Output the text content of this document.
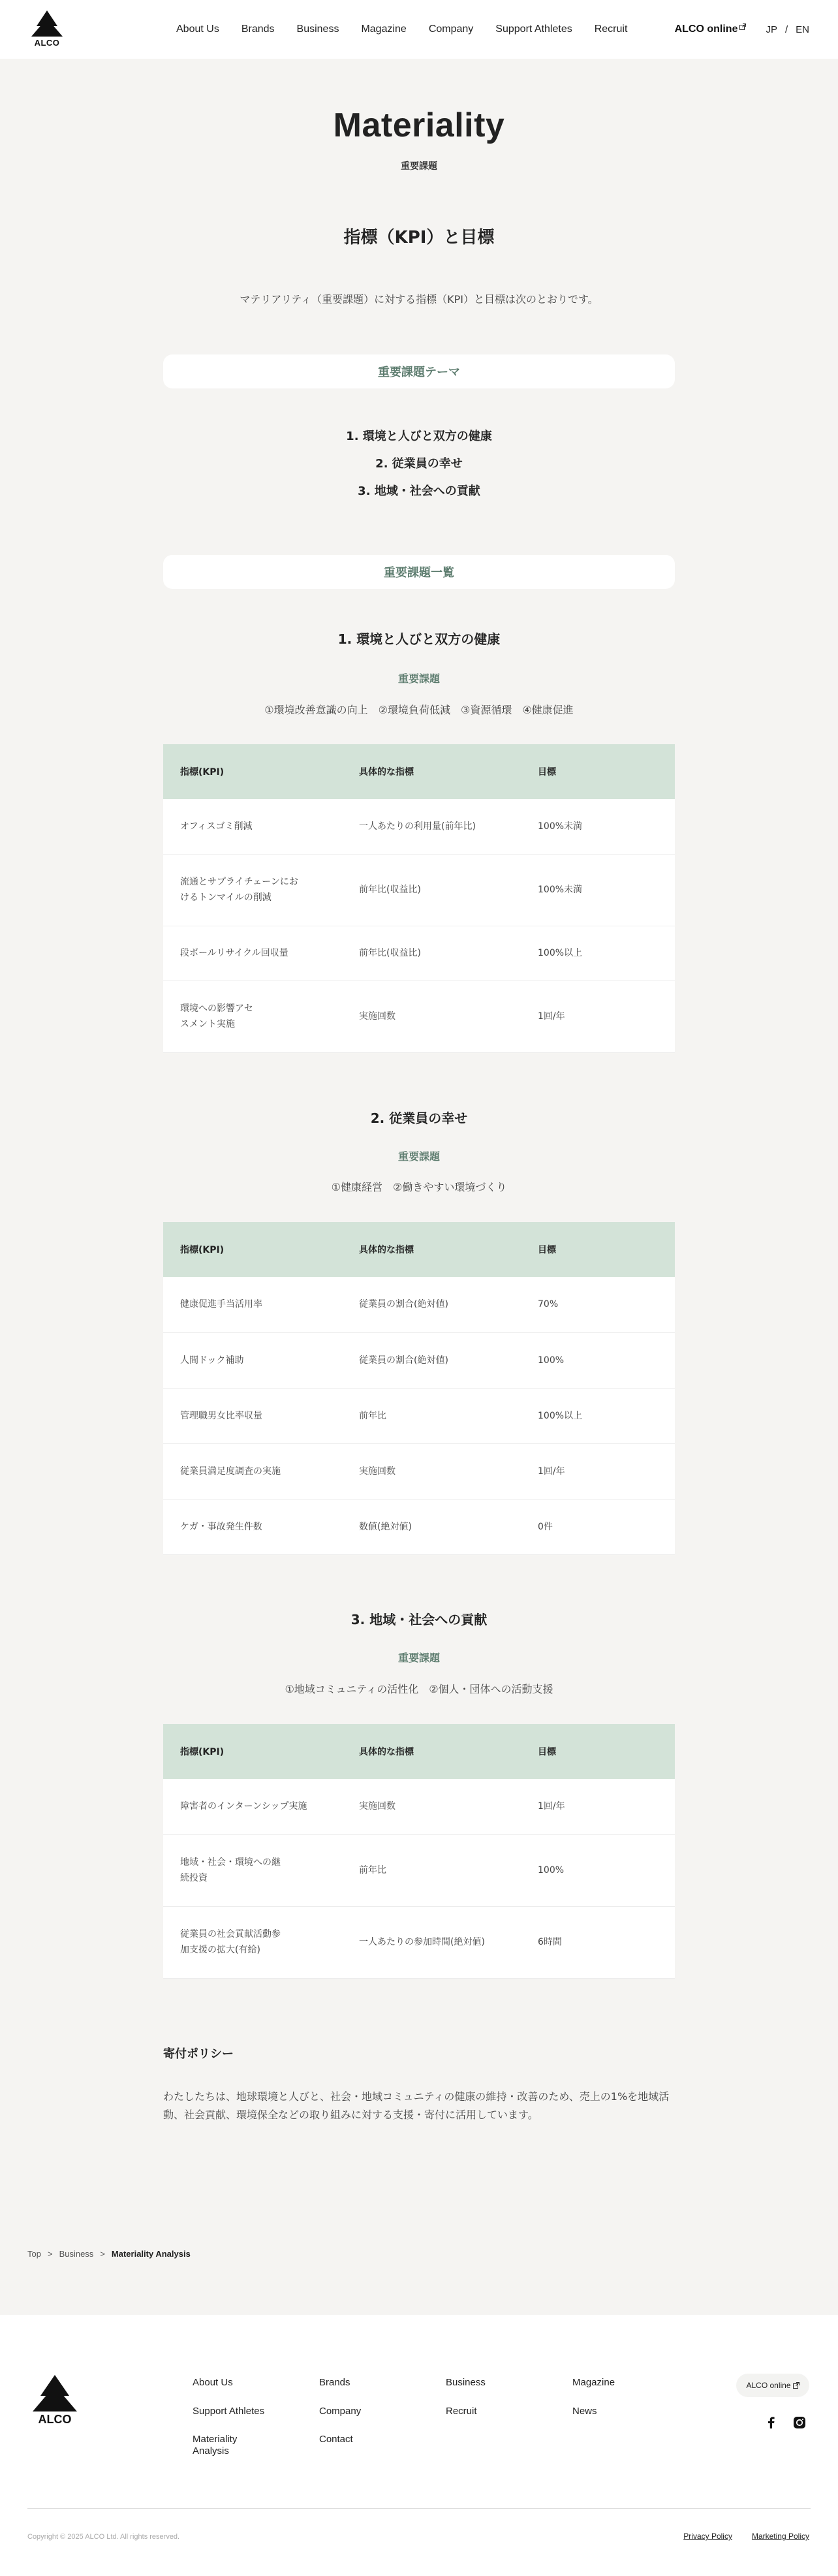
ALCO
About Us Brands Business Magazine Company Support Athletes Recruit	ALCO online	JP / EN
Materiality
重要課題
指標（KPI）と目標

マテリアリティ（重要課題）に対する指標（KPI）と目標は次のとおりです。

重要課題テーマ
1. 環境と人びと双方の健康
2. 従業員の幸せ
3. 地域・社会への貢献
重要課題一覧
1. 環境と人びと双方の健康
重要課題
①環境改善意識の向上　②環境負荷低減　③資源循環　④健康促進
指標(KPI)	具体的な指標	目標
オフィスゴミ削減	一人あたりの利用量(前年比)	100%未満

流通とサプライチェーンにおけるトンマイルの削減	前年比(収益比)	100%未満
段ボールリサイクル回収量	前年比(収益比)	100%以上

環境への影響アセスメント実施	実施回数	1回/年
2. 従業員の幸せ
重要課題
①健康経営　②働きやすい環境づくり
指標(KPI)	具体的な指標	目標
健康促進手当活用率	従業員の割合(絶対値)	70%
人間ドック補助	従業員の割合(絶対値)	100%
管理職男女比率収量	前年比	100%以上
従業員満足度調査の実施	実施回数	1回/年
ケガ・事故発生件数	数値(絶対値)	0件
3. 地域・社会への貢献
重要課題
①地域コミュニティの活性化　②個人・団体への活動支援
指標(KPI)	具体的な指標	目標
障害者のインターンシップ実施	実施回数	1回/年

地域・社会・環境への継続投資	前年比	100%

従業員の社会貢献活動参加支援の拡大(有給)	一人あたりの参加時間(絶対値)	6時間
寄付ポリシー

わたしたちは、地球環境と人びと、社会・地域コミュニティの健康の維持・改善のため、売上の1%を地域活動、社会貢献、環境保全などの取り組みに対する支援・寄付に活用しています。

Top > Business > Materiality Analysis
ALCO
About Us
Support Athletes
Materiality Analysis
Brands
Company
Contact
Business
Recruit
Magazine
News
ALCO online
Copyright © 2025 ALCO Ltd. All rights reserved.	Privacy Policy	Marketing Policy
